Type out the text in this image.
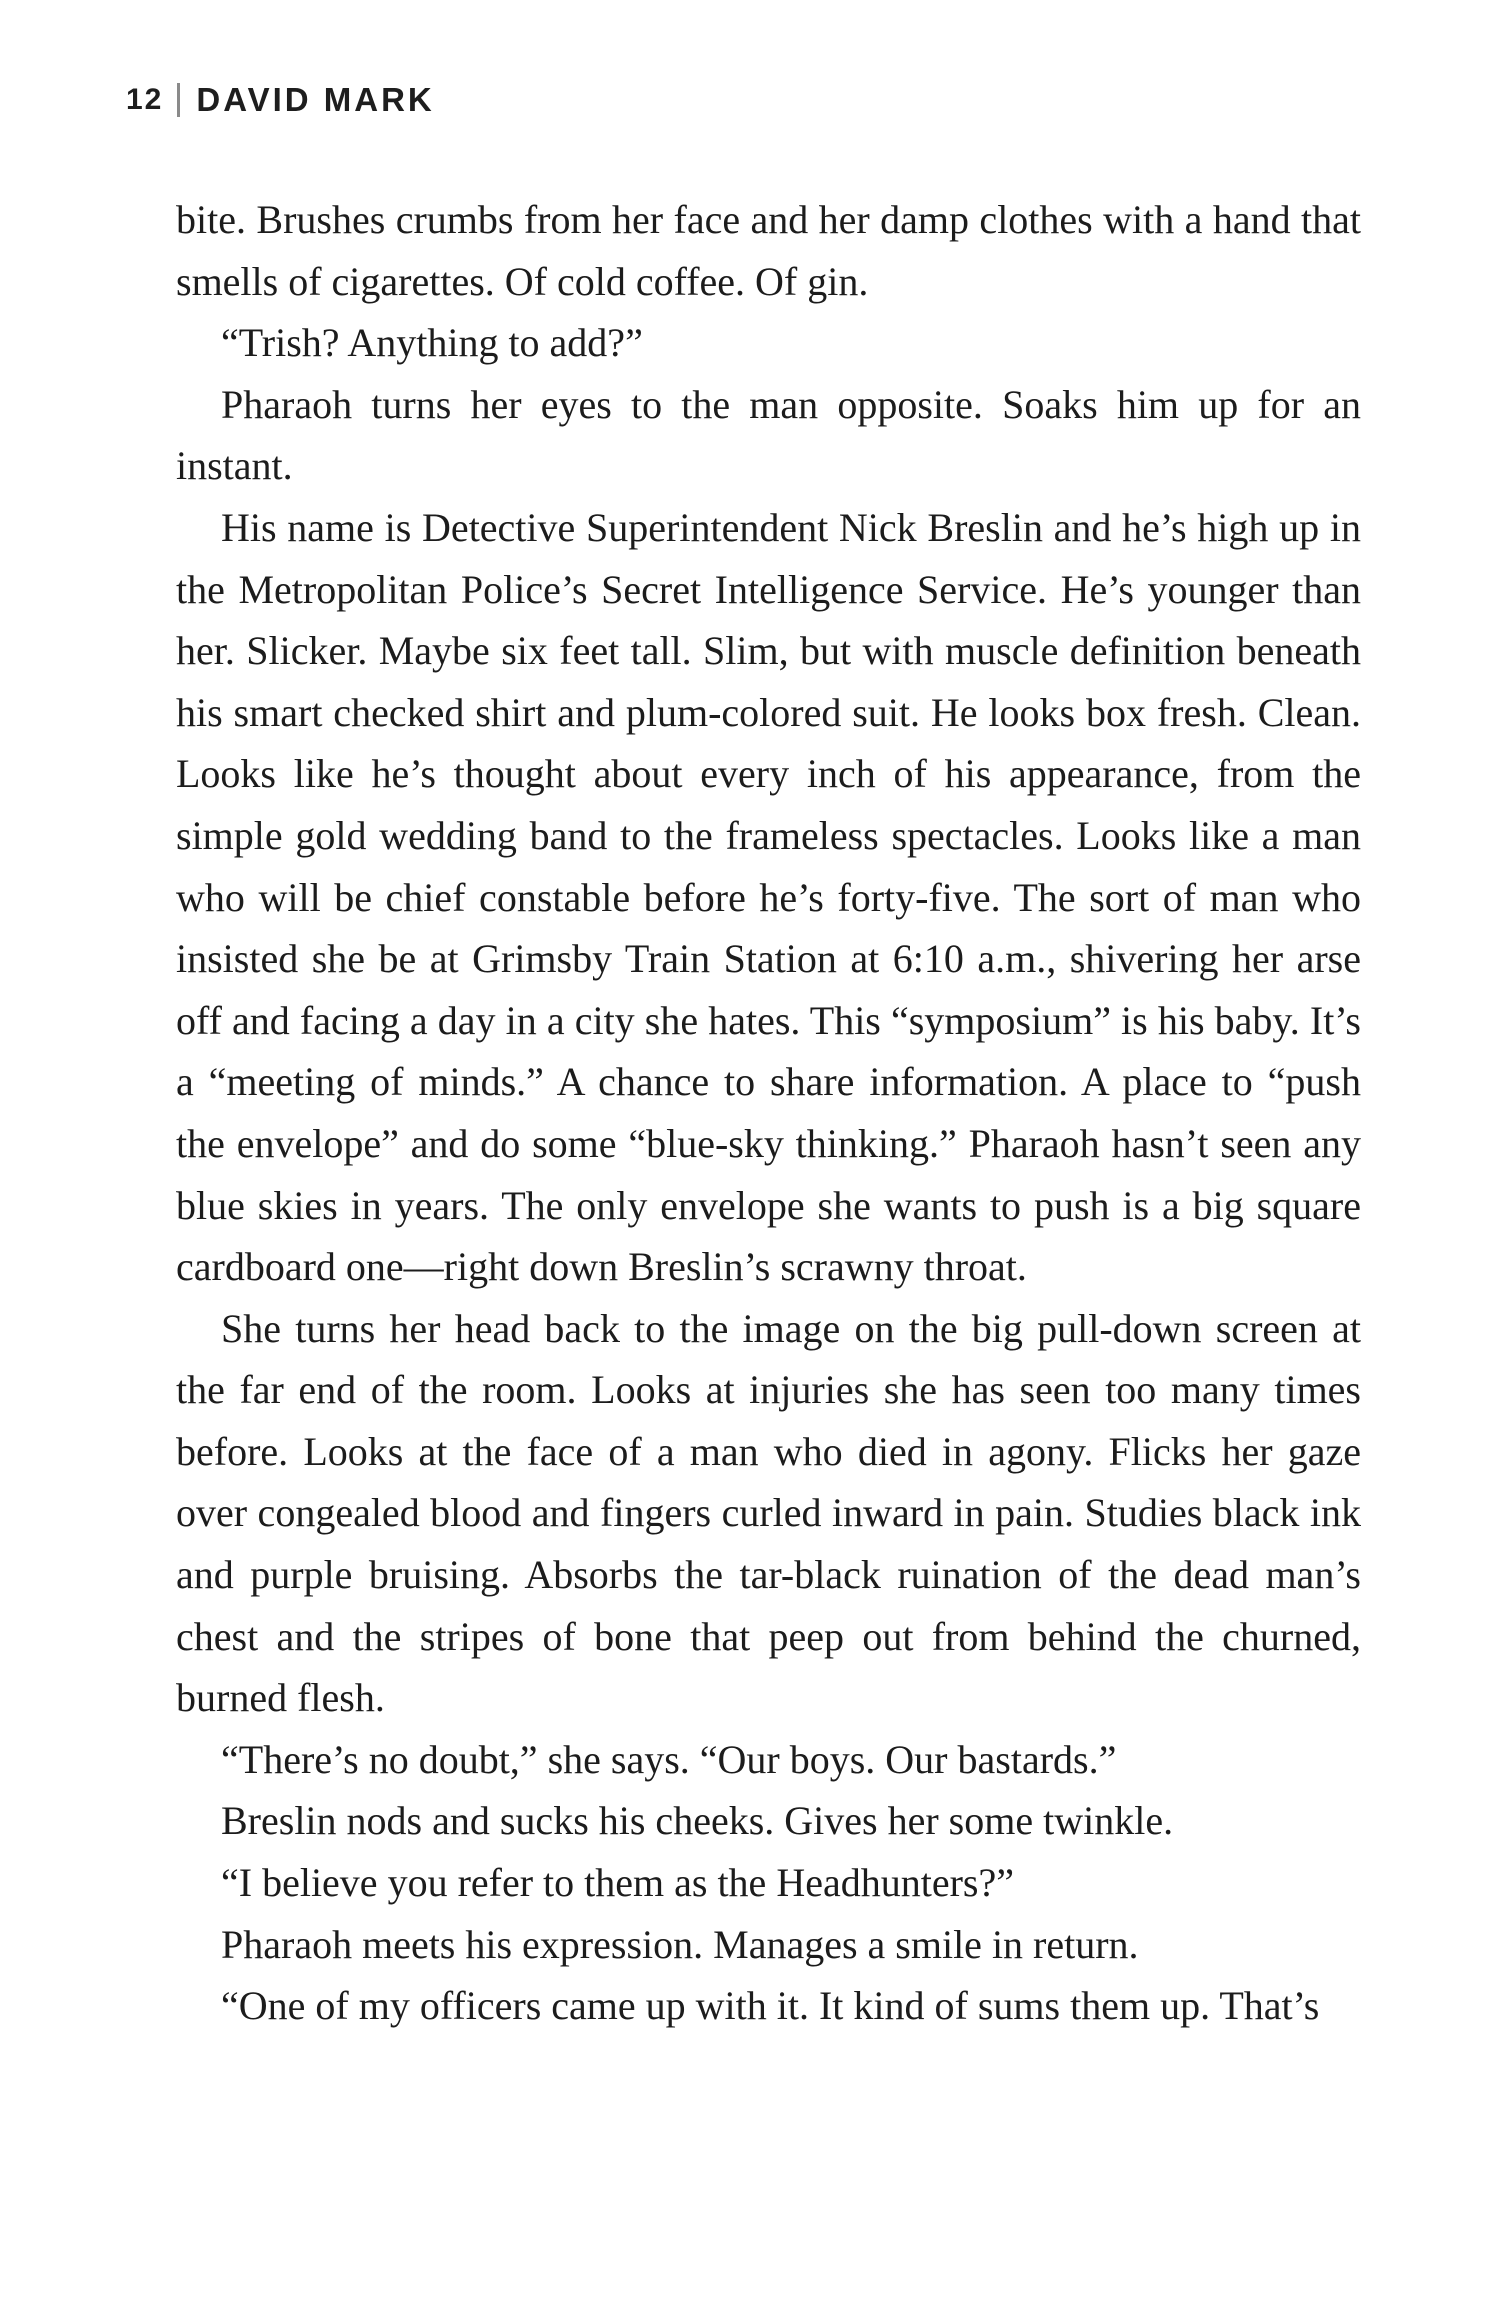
12 DAVID MARK

bite. Brushes crumbs from her face and her damp clothes with a hand that smells of cigarettes. Of cold coffee. Of gin.

“Trish? Anything to add?”

Pharaoh turns her eyes to the man opposite. Soaks him up for an instant.

His name is Detective Superintendent Nick Breslin and he’s high up in the Metropolitan Police’s Secret Intelligence Service. He’s younger than her. Slicker. Maybe six feet tall. Slim, but with muscle definition beneath his smart checked shirt and plum-colored suit. He looks box fresh. Clean. Looks like he’s thought about every inch of his appearance, from the simple gold wedding band to the frameless spectacles. Looks like a man who will be chief constable before he’s forty-five. The sort of man who insisted she be at Grimsby Train Station at 6:10 a.m., shivering her arse off and facing a day in a city she hates. This “symposium” is his baby. It’s a “meeting of minds.” A chance to share information. A place to “push the envelope” and do some “blue-sky thinking.” Pharaoh hasn’t seen any blue skies in years. The only envelope she wants to push is a big square cardboard one—right down Breslin’s scrawny throat.

She turns her head back to the image on the big pull-down screen at the far end of the room. Looks at injuries she has seen too many times before. Looks at the face of a man who died in agony. Flicks her gaze over congealed blood and fingers curled inward in pain. Studies black ink and purple bruising. Absorbs the tar-black ruination of the dead man’s chest and the stripes of bone that peep out from behind the churned, burned flesh.

“There’s no doubt,” she says. “Our boys. Our bastards.”

Breslin nods and sucks his cheeks. Gives her some twinkle.

“I believe you refer to them as the Headhunters?”

Pharaoh meets his expression. Manages a smile in return.

“One of my officers came up with it. It kind of sums them up. That’s
